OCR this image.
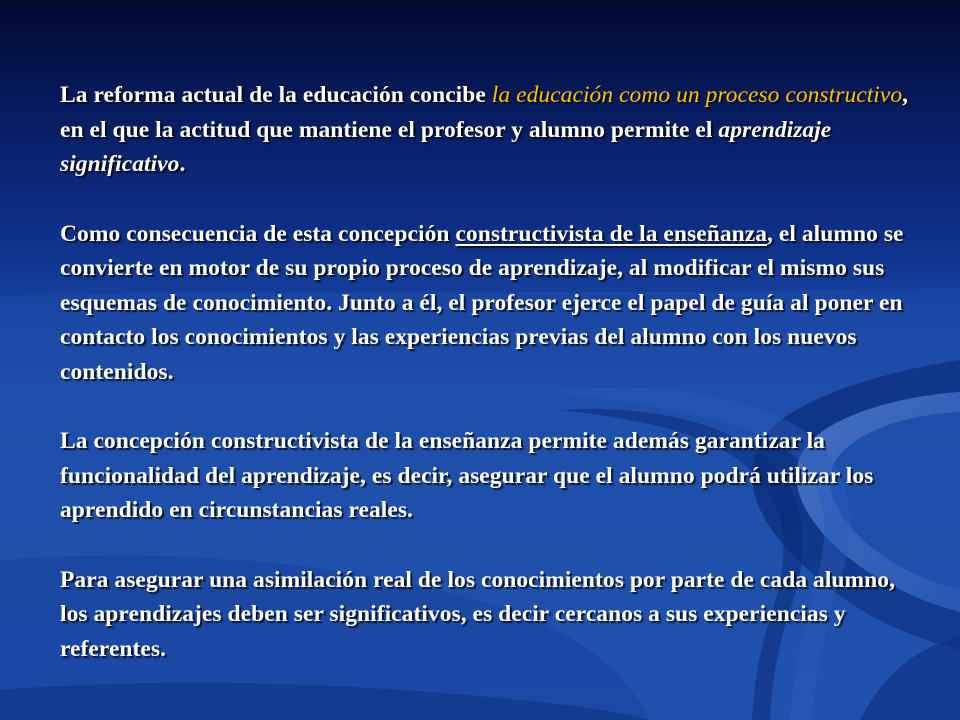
La reforma actual de la educación concibe la educación como un proceso constructivo, en el que la actitud que mantiene el profesor y alumno permite el aprendizaje significativo.

Como consecuencia de esta concepción constructivista de la enseñanza, el alumno se convierte en motor de su propio proceso de aprendizaje, al modificar el mismo sus esquemas de conocimiento. Junto a él, el profesor ejerce el papel de guía al poner en contacto los conocimientos y las experiencias previas del alumno con los nuevos contenidos.

La concepción constructivista de la enseñanza permite además garantizar la funcionalidad del aprendizaje, es decir, asegurar que el alumno podrá utilizar los aprendido en circunstancias reales.

Para asegurar una asimilación real de los conocimientos por parte de cada alumno, los aprendizajes deben ser significativos, es decir cercanos a sus experiencias y referentes.
